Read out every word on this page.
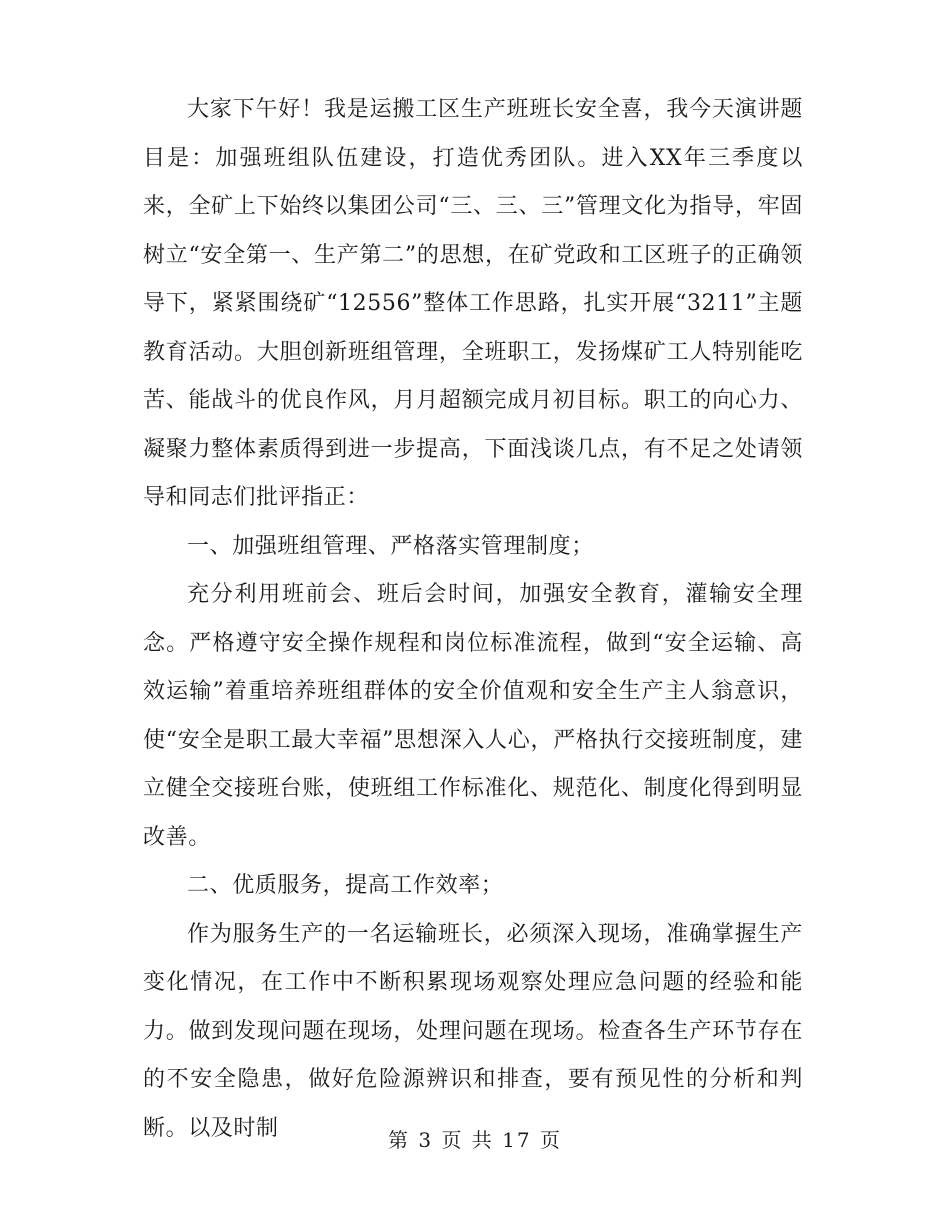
大家下午好！我是运搬工区生产班班长安全喜，我今天演讲题目是：加强班组队伍建设，打造优秀团队。进入XX年三季度以来，全矿上下始终以集团公司“三、三、三”管理文化为指导，牢固树立“安全第一、生产第二”的思想，在矿党政和工区班子的正确领导下，紧紧围绕矿“12556”整体工作思路，扎实开展“3211”主题教育活动。大胆创新班组管理，全班职工，发扬煤矿工人特别能吃苦、能战斗的优良作风，月月超额完成月初目标。职工的向心力、凝聚力整体素质得到进一步提高，下面浅谈几点，有不足之处请领导和同志们批评指正：

一、加强班组管理、严格落实管理制度；

充分利用班前会、班后会时间，加强安全教育，灌输安全理念。严格遵守安全操作规程和岗位标准流程，做到“安全运输、高效运输”着重培养班组群体的安全价值观和安全生产主人翁意识，使“安全是职工最大幸福”思想深入人心，严格执行交接班制度，建立健全交接班台账，使班组工作标准化、规范化、制度化得到明显改善。

二、优质服务，提高工作效率；

作为服务生产的一名运输班长，必须深入现场，准确掌握生产变化情况，在工作中不断积累现场观察处理应急问题的经验和能力。做到发现问题在现场，处理问题在现场。检查各生产环节存在的不安全隐患，做好危险源辨识和排查，要有预见性的分析和判断。以及时制	第 3 页 共 17 页
